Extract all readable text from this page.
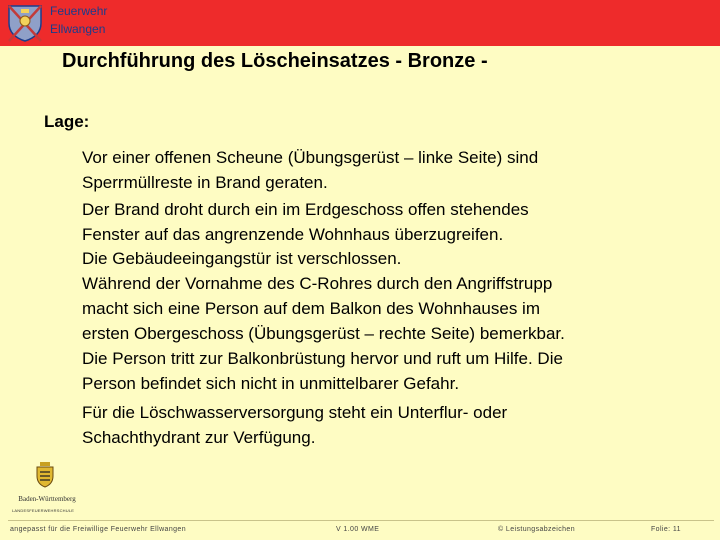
Feuerwehr
Ellwangen
Durchführung des Löscheinsatzes - Bronze -
Lage:
Vor einer offenen Scheune (Übungsgerüst – linke Seite) sind
Sperrmüllreste in Brand geraten.
Der Brand droht durch ein im Erdgeschoss offen stehendes
Fenster auf das angrenzende Wohnhaus überzugreifen.
Die Gebäudeeingangstür ist verschlossen.
Während der Vornahme des C-Rohres durch den Angriffstrupp
macht sich eine Person auf dem Balkon des Wohnhauses im
ersten Obergeschoss (Übungsgerüst – rechte Seite) bemerkbar.
Die Person tritt zur Balkonbrüstung hervor und ruft um Hilfe. Die
Person befindet sich nicht in unmittelbarer Gefahr.
Für die Löschwasserversorgung steht ein Unterflur- oder
Schachthydrant zur Verfügung.
Baden-Württemberg
LANDESFEUERWEHRSCHULE
angepasst für die Freiwillige Feuerwehr Ellwangen	V 1.00 WME	© Leistungsabzeichen	Folie: 11
